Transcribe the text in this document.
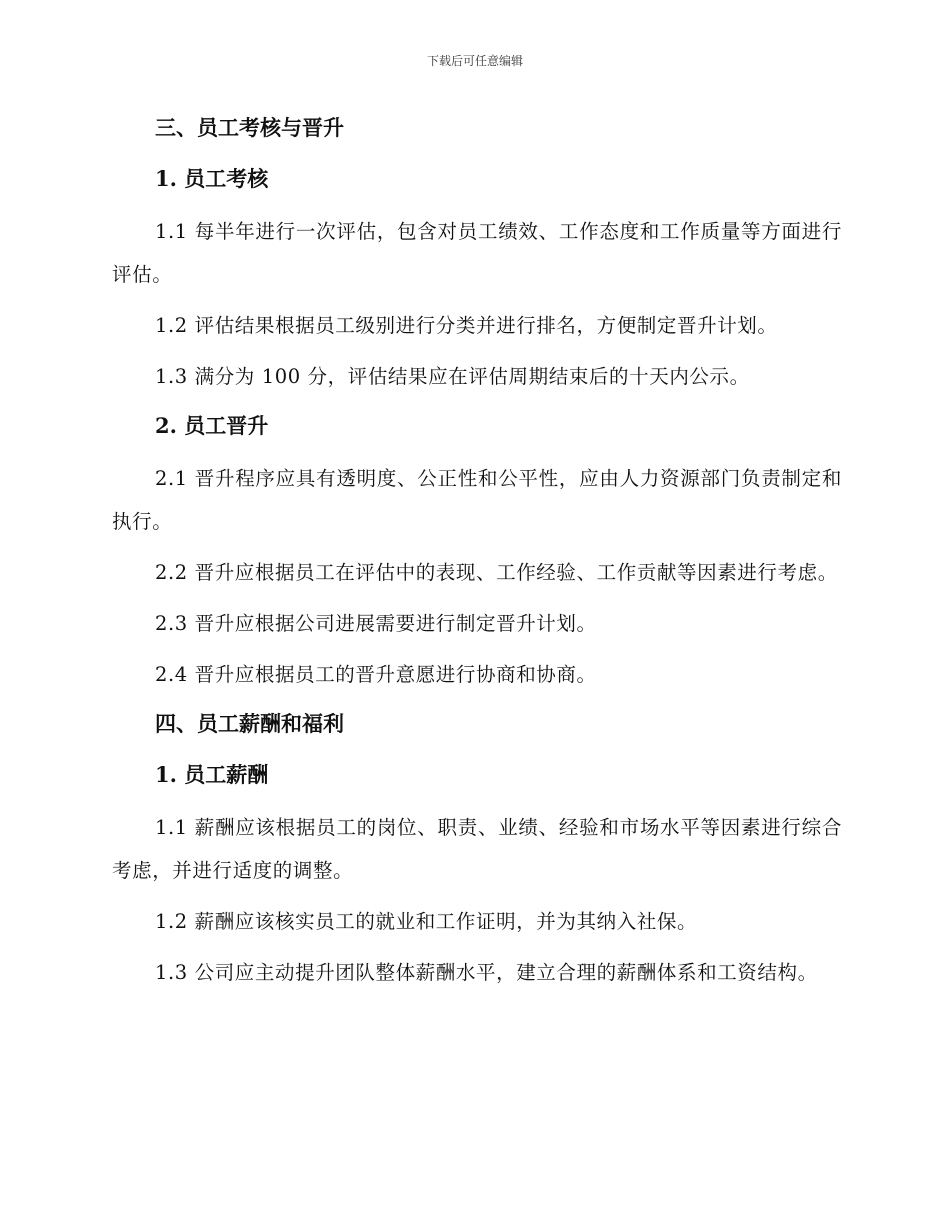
下载后可任意编辑
三、员工考核与晋升
1. 员工考核
1.1 每半年进行一次评估，包含对员工绩效、工作态度和工作质量等方面进行评估。
1.2 评估结果根据员工级别进行分类并进行排名，方便制定晋升计划。
1.3 满分为 100 分，评估结果应在评估周期结束后的十天内公示。
2. 员工晋升
2.1 晋升程序应具有透明度、公正性和公平性，应由人力资源部门负责制定和执行。
2.2 晋升应根据员工在评估中的表现、工作经验、工作贡献等因素进行考虑。
2.3 晋升应根据公司进展需要进行制定晋升计划。
2.4 晋升应根据员工的晋升意愿进行协商和协商。
四、员工薪酬和福利
1. 员工薪酬
1.1 薪酬应该根据员工的岗位、职责、业绩、经验和市场水平等因素进行综合考虑，并进行适度的调整。
1.2 薪酬应该核实员工的就业和工作证明，并为其纳入社保。
1.3 公司应主动提升团队整体薪酬水平，建立合理的薪酬体系和工资结构。
